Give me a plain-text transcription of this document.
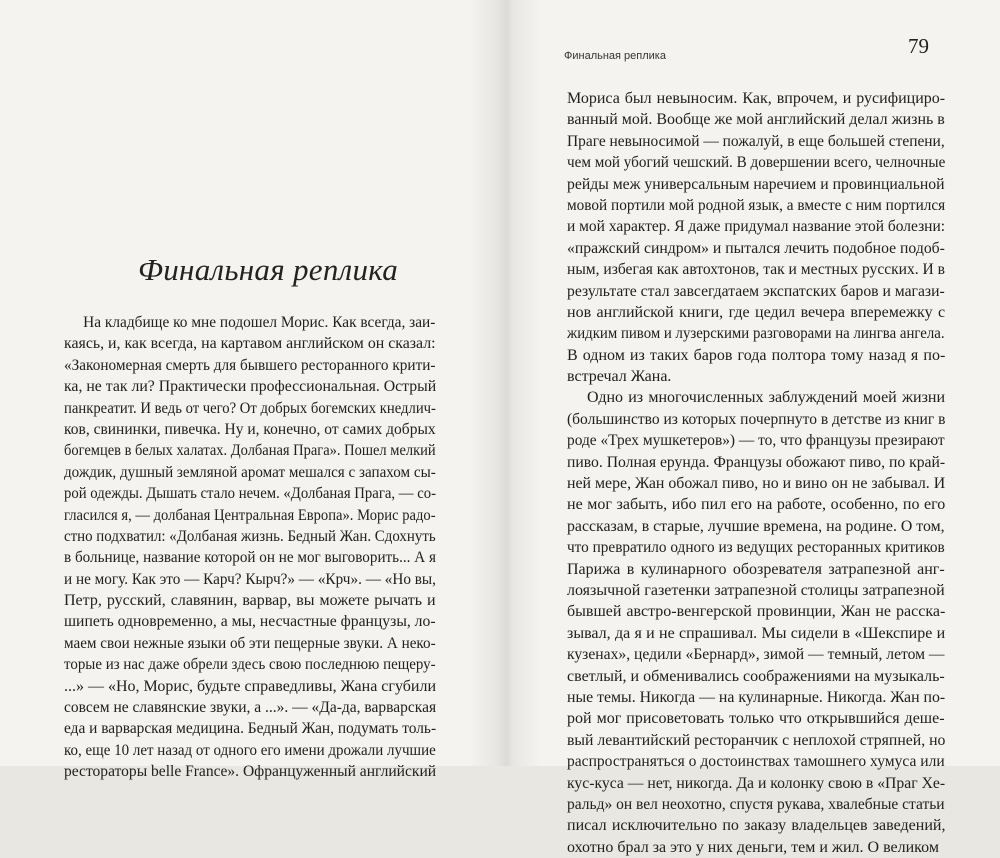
Финальная реплика
На кладбище ко мне подошел Морис. Как всегда, заи-
каясь, и, как всегда, на картавом английском он сказал:
«Закономерная смерть для бывшего ресторанного крити-
ка, не так ли? Практически профессиональная. Острый
панкреатит. И ведь от чего? От добрых богемских кнедлич-
ков, свининки, пивечка. Ну и, конечно, от самих добрых
богемцев в белых халатах. Долбаная Прага». Пошел мелкий
дождик, душный земляной аромат мешался с запахом сы-
рой одежды. Дышать стало нечем. «Долбаная Прага, — со-
гласился я, — долбаная Центральная Европа». Морис радо-
стно подхватил: «Долбаная жизнь. Бедный Жан. Сдохнуть
в больнице, название которой он не мог выговорить... А я
и не могу. Как это — Карч? Кырч?» — «Крч». — «Но вы,
Петр, русский, славянин, варвар, вы можете рычать и
шипеть одновременно, а мы, несчастные французы, ло-
маем свои нежные языки об эти пещерные звуки. А неко-
торые из нас даже обрели здесь свою последнюю пещеру-
...» — «Но, Морис, будьте справедливы, Жана сгубили
совсем не славянские звуки, а ...». — «Да-да, варварская
еда и варварская медицина. Бедный Жан, подумать толь-
ко, еще 10 лет назад от одного его имени дрожали лучшие
рестораторы belle France». Офранцуженный английский
Финальная реплика	79
Мориса был невыносим. Как, впрочем, и русифициро-
ванный мой. Вообще же мой английский делал жизнь в
Праге невыносимой — пожалуй, в еще большей степени,
чем мой убогий чешский. В довершении всего, челночные
рейды меж универсальным наречием и провинциальной
мовой портили мой родной язык, а вместе с ним портился
и мой характер. Я даже придумал название этой болезни:
«пражский синдром» и пытался лечить подобное подоб-
ным, избегая как автохтонов, так и местных русских. И в
результате стал завсегдатаем экспатских баров и магази-
нов английской книги, где цедил вечера вперемежку с
жидким пивом и лузерскими разговорами на лингва ангела.
В одном из таких баров года полтора тому назад я по-
встречал Жана.
Одно из многочисленных заблуждений моей жизни
(большинство из которых почерпнуто в детстве из книг в
роде «Трех мушкетеров») — то, что французы презирают
пиво. Полная ерунда. Французы обожают пиво, по край-
ней мере, Жан обожал пиво, но и вино он не забывал. И
не мог забыть, ибо пил его на работе, особенно, по его
рассказам, в старые, лучшие времена, на родине. О том,
что превратило одного из ведущих ресторанных критиков
Парижа в кулинарного обозревателя затрапезной анг-
лоязычной газетенки затрапезной столицы затрапезной
бывшей австро-венгерской провинции, Жан не расска-
зывал, да я и не спрашивал. Мы сидели в «Шекспире и
кузенах», цедили «Бернард», зимой — темный, летом —
светлый, и обменивались соображениями на музыкаль-
ные темы. Никогда — на кулинарные. Никогда. Жан по-
рой мог присоветовать только что открывшийся деше-
вый левантийский ресторанчик с неплохой стряпней, но
распространяться о достоинствах тамошнего хумуса или
кус-куса — нет, никогда. Да и колонку свою в «Праг Хе-
ральд» он вел неохотно, спустя рукава, хвалебные статьи
писал исключительно по заказу владельцев заведений,
охотно брал за это у них деньги, тем и жил. О великом
